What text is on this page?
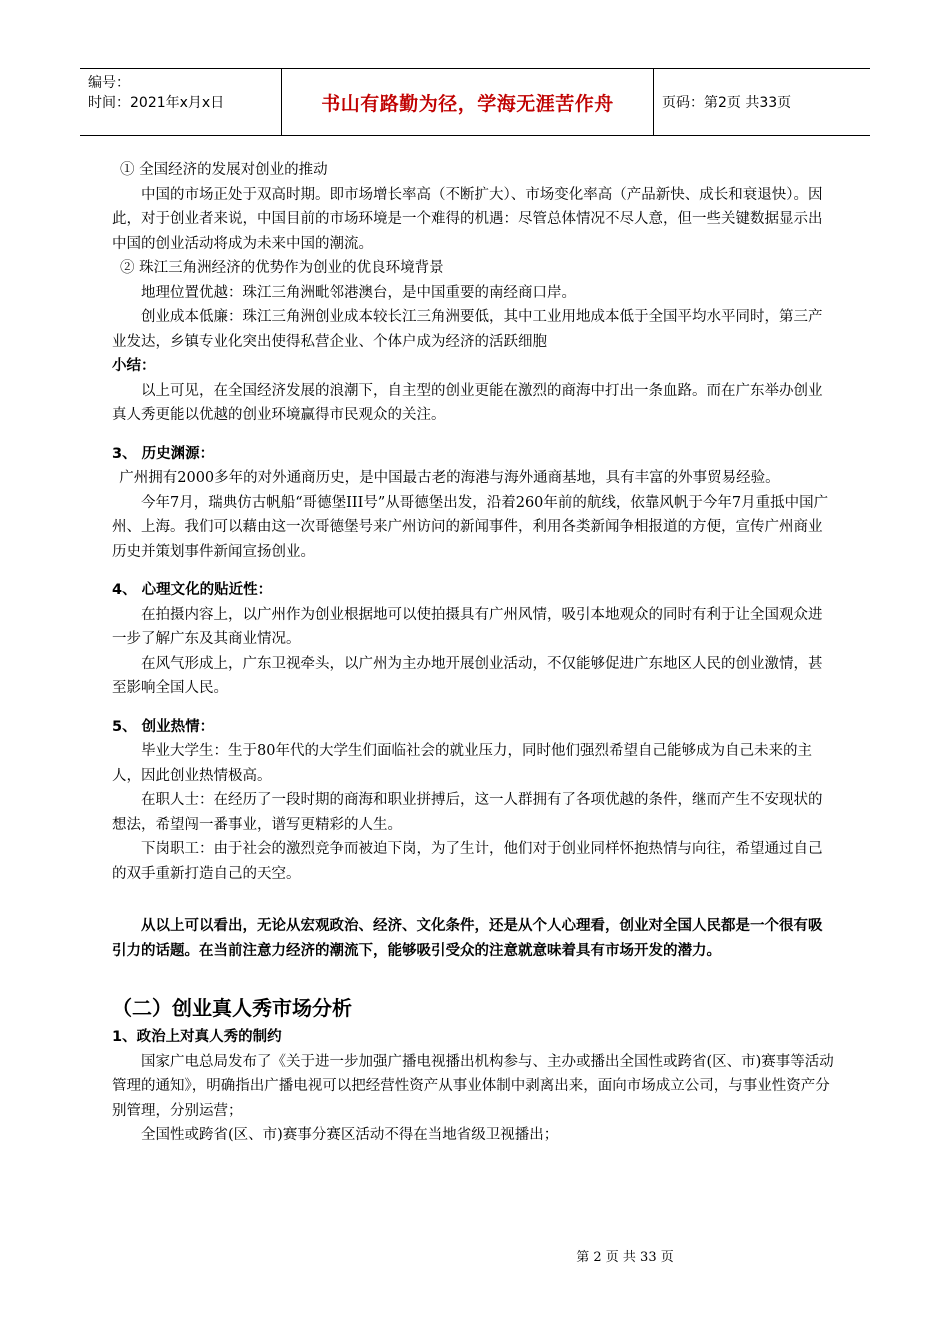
编号：
时间：2021年x月x日	书山有路勤为径，学海无涯苦作舟	页码：第2页 共33页

① 全国经济的发展对创业的推动

中国的市场正处于双高时期。即市场增长率高（不断扩大）、市场变化率高（产品新快、成长和衰退快）。因此，对于创业者来说，中国目前的市场环境是一个难得的机遇：尽管总体情况不尽人意，但一些关键数据显示出中国的创业活动将成为未来中国的潮流。

② 珠江三角洲经济的优势作为创业的优良环境背景

地理位置优越：珠江三角洲毗邻港澳台，是中国重要的南经商口岸。

创业成本低廉：珠江三角洲创业成本较长江三角洲要低，其中工业用地成本低于全国平均水平同时，第三产业发达，乡镇专业化突出使得私营企业、个体户成为经济的活跃细胞

小结：

以上可见，在全国经济发展的浪潮下，自主型的创业更能在激烈的商海中打出一条血路。而在广东举办创业真人秀更能以优越的创业环境赢得市民观众的关注。

3、 历史渊源：

广州拥有2000多年的对外通商历史，是中国最古老的海港与海外通商基地，具有丰富的外事贸易经验。

今年7月，瑞典仿古帆船“哥德堡III号”从哥德堡出发，沿着260年前的航线，依靠风帆于今年7月重抵中国广州、上海。我们可以藉由这一次哥德堡号来广州访问的新闻事件，利用各类新闻争相报道的方便，宣传广州商业历史并策划事件新闻宣扬创业。

4、 心理文化的贴近性：

在拍摄内容上，以广州作为创业根据地可以使拍摄具有广州风情，吸引本地观众的同时有利于让全国观众进一步了解广东及其商业情况。

在风气形成上，广东卫视牵头，以广州为主办地开展创业活动，不仅能够促进广东地区人民的创业激情，甚至影响全国人民。

5、 创业热情：

毕业大学生：生于80年代的大学生们面临社会的就业压力，同时他们强烈希望自己能够成为自己未来的主人，因此创业热情极高。

在职人士：在经历了一段时期的商海和职业拼搏后，这一人群拥有了各项优越的条件，继而产生不安现状的想法，希望闯一番事业，谱写更精彩的人生。

下岗职工：由于社会的激烈竞争而被迫下岗，为了生计，他们对于创业同样怀抱热情与向往，希望通过自己的双手重新打造自己的天空。

从以上可以看出，无论从宏观政治、经济、文化条件，还是从个人心理看，创业对全国人民都是一个很有吸引力的话题。在当前注意力经济的潮流下，能够吸引受众的注意就意味着具有市场开发的潜力。

（二）创业真人秀市场分析

1、政治上对真人秀的制约

国家广电总局发布了《关于进一步加强广播电视播出机构参与、主办或播出全国性或跨省(区、市)赛事等活动管理的通知》，明确指出广播电视可以把经营性资产从事业体制中剥离出来，面向市场成立公司，与事业性资产分别管理，分别运营；

全国性或跨省(区、市)赛事分赛区活动不得在当地省级卫视播出；

第 2 页 共 33 页
